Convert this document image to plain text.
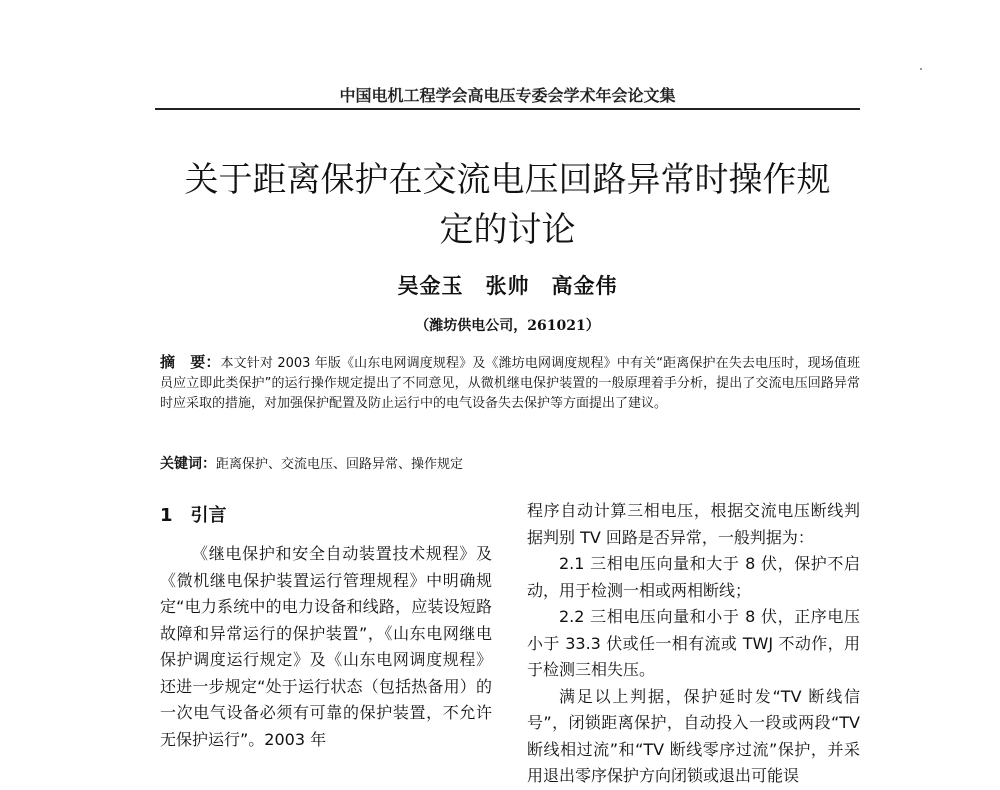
中国电机工程学会高电压专委会学术年会论文集
关于距离保护在交流电压回路异常时操作规
定的讨论
吴金玉　张帅　高金伟
（潍坊供电公司，261021）
摘　要：本文针对 2003 年版《山东电网调度规程》及《潍坊电网调度规程》中有关“距离保护在失去电压时，现场值班员应立即此类保护”的运行操作规定提出了不同意见，从微机继电保护装置的一般原理着手分析，提出了交流电压回路异常时应采取的措施，对加强保护配置及防止运行中的电气设备失去保护等方面提出了建议。
关键词：距离保护、交流电压、回路异常、操作规定
1　引言

《继电保护和安全自动装置技术规程》及《微机继电保护装置运行管理规程》中明确规定“电力系统中的电力设备和线路，应装设短路故障和异常运行的保护装置”，《山东电网继电保护调度运行规定》及《山东电网调度规程》还进一步规定“处于运行状态（包括热备用）的一次电气设备必须有可靠的保护装置，不允许无保护运行”。2003 年

程序自动计算三相电压，根据交流电压断线判据判别 TV 回路是否异常，一般判据为：

2.1 三相电压向量和大于 8 伏，保护不启动，用于检测一相或两相断线；

2.2 三相电压向量和小于 8 伏，正序电压小于 33.3 伏或任一相有流或 TWJ 不动作，用于检测三相失压。

满足以上判据，保护延时发“TV 断线信号”，闭锁距离保护，自动投入一段或两段“TV 断线相过流”和“TV 断线零序过流”保护，并采用退出零序保护方向闭锁或退出可能误
